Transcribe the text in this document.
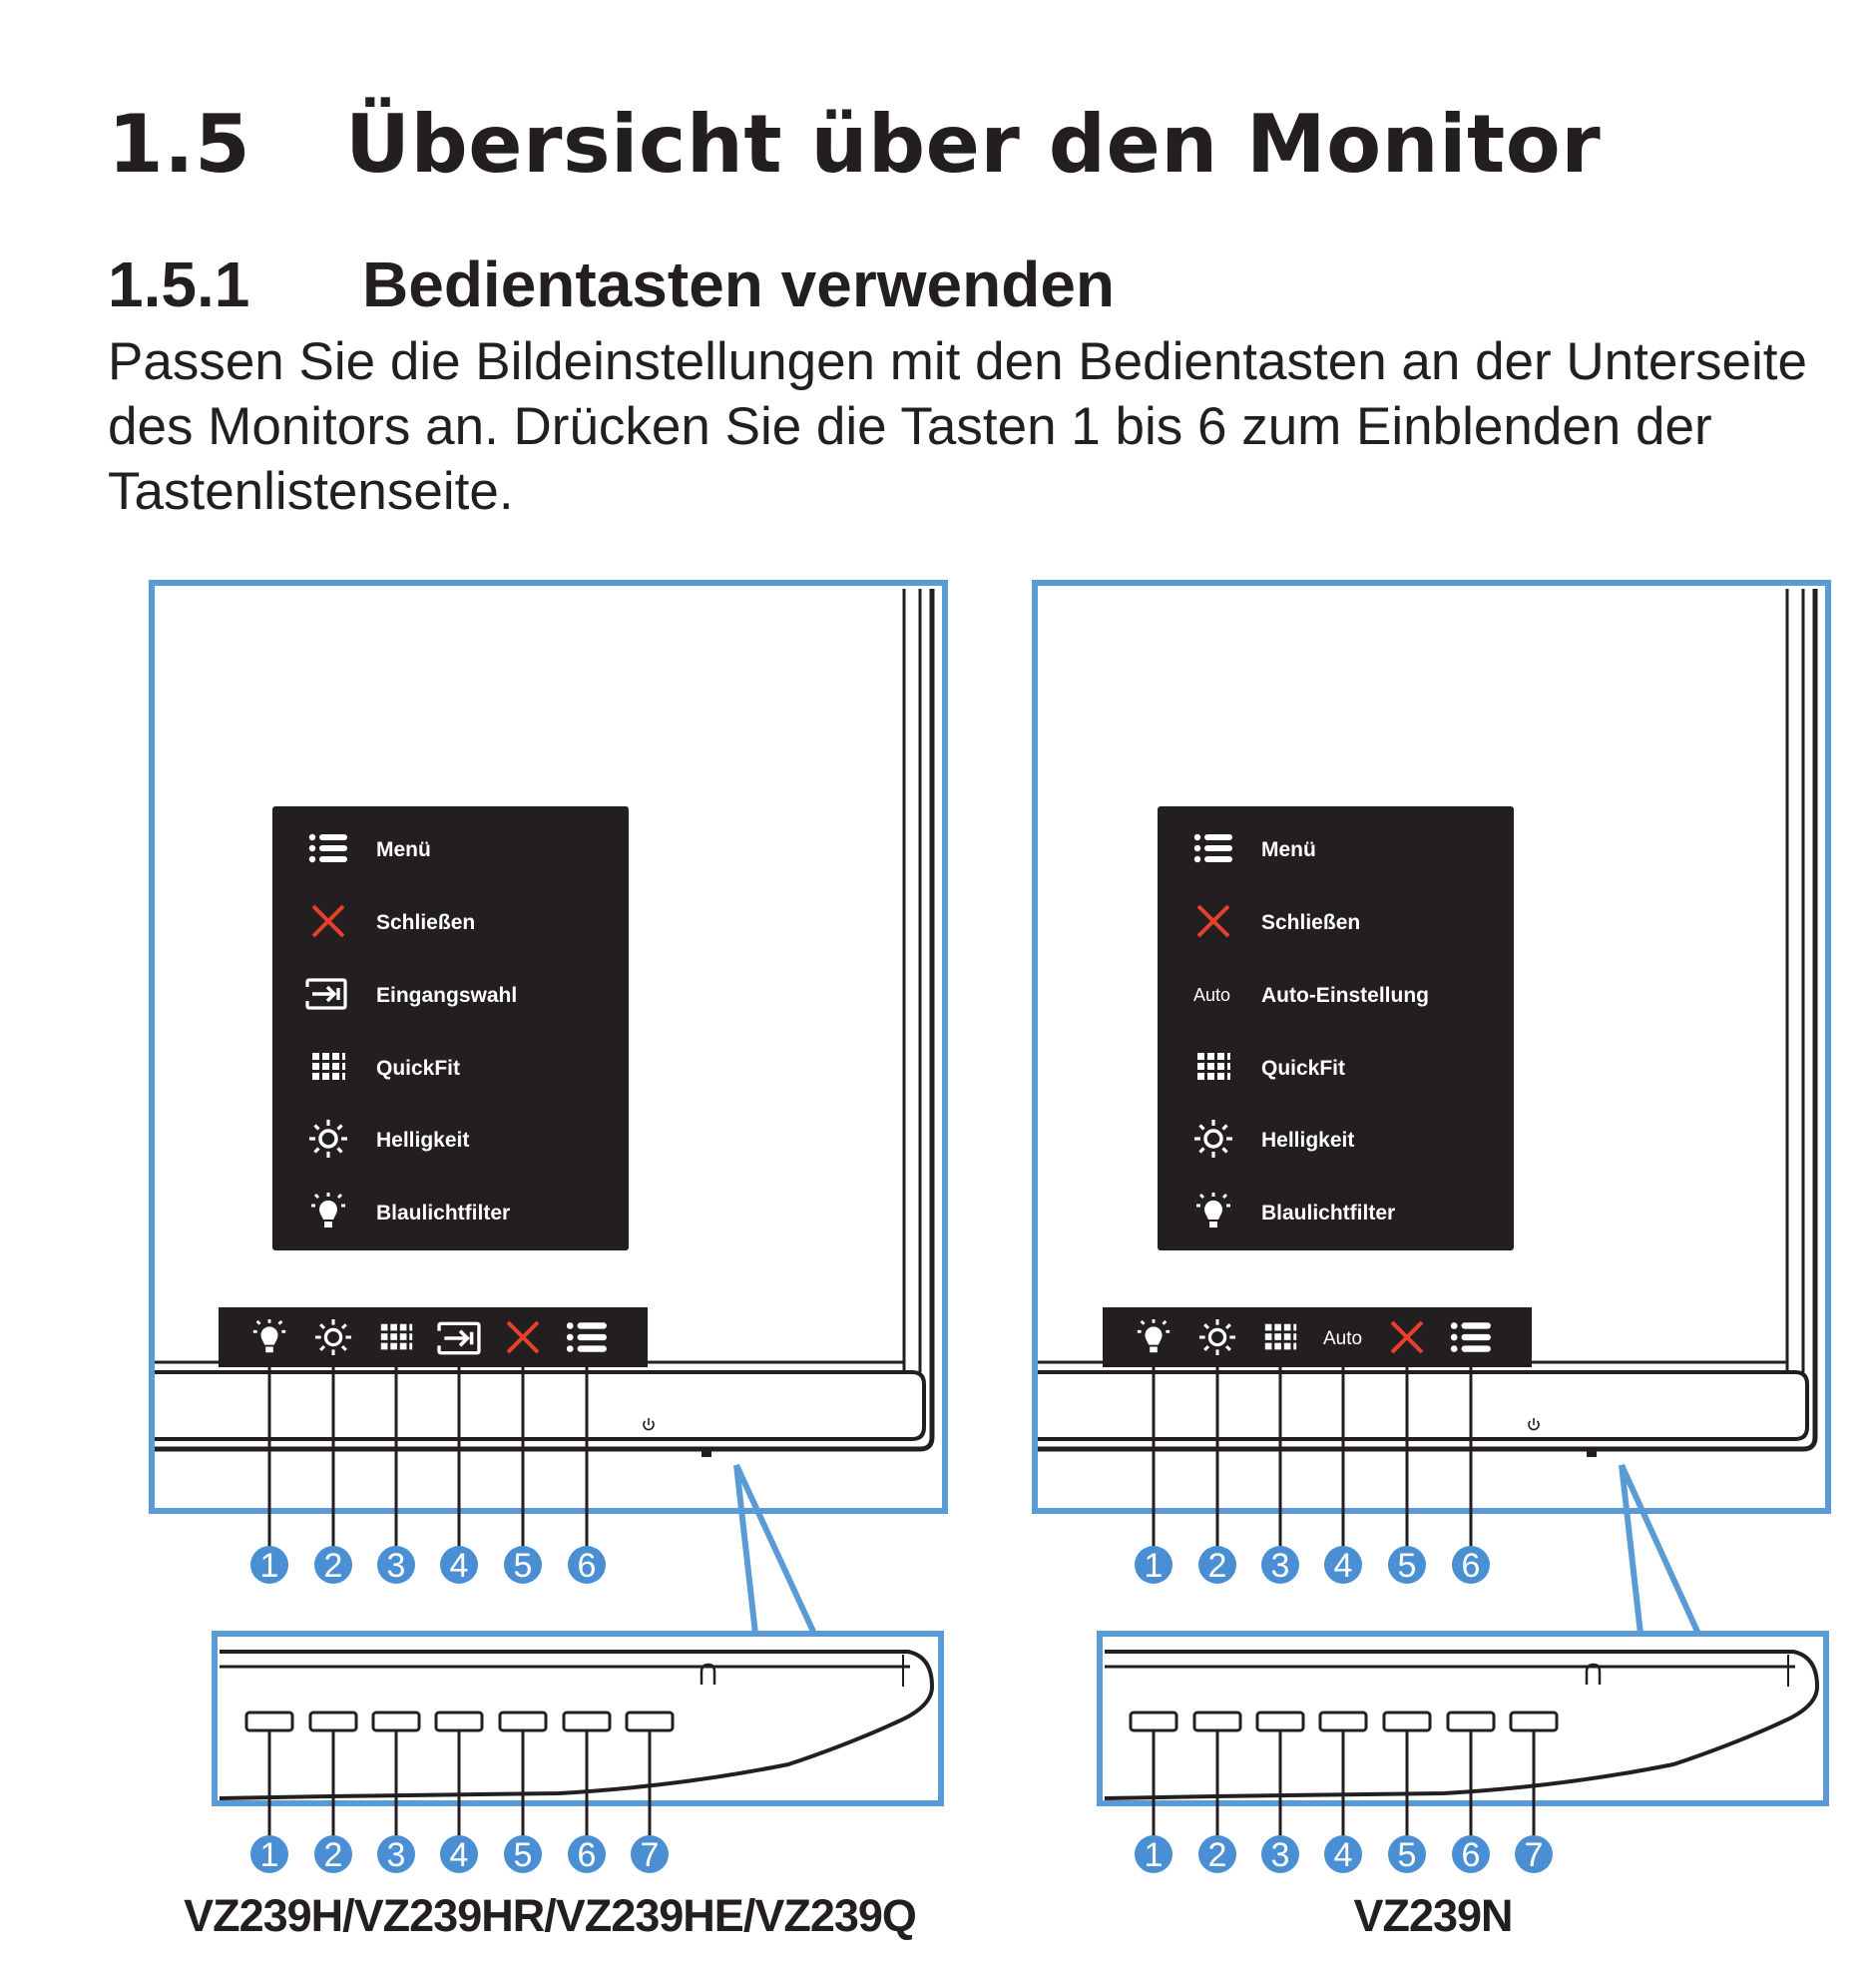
1.5 Übersicht über den Monitor
1.5.1 Bedientasten verwenden
Passen Sie die Bildeinstellungen mit den Bedientasten an der Unterseite des Monitors an. Drücken Sie die Tasten 1 bis 6 zum Einblenden der Tastenlistenseite.
Menü
Schließen
Eingangswahl
QuickFit
Helligkeit
Blaulichtfilter
1 2 3 4 5 6
1 2 3 4 5 6 7
VZ239H/VZ239HR/VZ239HE/VZ239Q
Menü
Schließen
Auto Auto-Einstellung
QuickFit
Helligkeit
Blaulichtfilter
Auto
1 2 3 4 5 6
1 2 3 4 5 6 7
VZ239N
